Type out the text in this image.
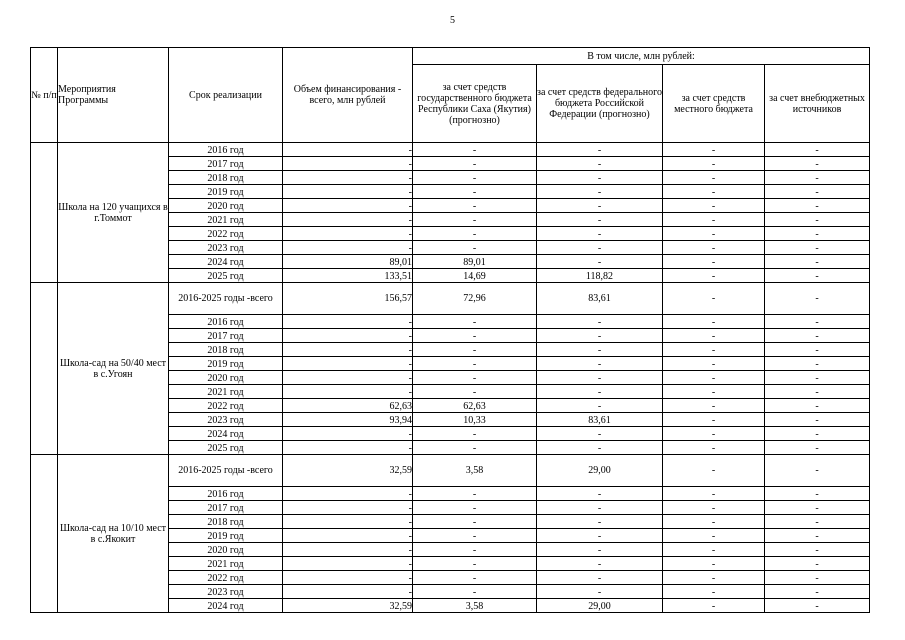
5
№ п/п	Мероприятия Программы	Срок реализации	Объем финансирования - всего, млн рублей	В том числе, млн рублей:			
				за счет средств государственного бюджета Республики Саха (Якутия) (прогнозно)	за счет средств федерального бюджета Российской Федерации (прогнозно)	за счет средств местного бюджета	за счет внебюджетных источников
	Школа на 120 учащихся в г.Томмот	2016 год	-	-	-	-	-
		2017 год	-	-	-	-	-
		2018 год	-	-	-	-	-
		2019 год	-	-	-	-	-
		2020 год	-	-	-	-	-
		2021 год	-	-	-	-	-
		2022 год	-	-	-	-	-
		2023 год	-	-	-	-	-
		2024 год	89,01	89,01	-	-	-
		2025 год	133,51	14,69	118,82	-	-
	Школа-сад на 50/40 мест в с.Угоян	2016-2025 годы -всего	156,57	72,96	83,61	-	-
		2016 год	-	-	-	-	-
		2017 год	-	-	-	-	-
		2018 год	-	-	-	-	-
		2019 год	-	-	-	-	-
		2020 год	-	-	-	-	-
		2021 год	-	-	-	-	-
		2022 год	62,63	62,63	-	-	-
		2023 год	93,94	10,33	83,61	-	-
		2024 год	-	-	-	-	-
		2025 год	-	-	-	-	-
	Школа-сад на 10/10 мест в с.Якокит	2016-2025 годы -всего	32,59	3,58	29,00	-	-
		2016 год	-	-	-	-	-
		2017 год	-	-	-	-	-
		2018 год	-	-	-	-	-
		2019 год	-	-	-	-	-
		2020 год	-	-	-	-	-
		2021 год	-	-	-	-	-
		2022 год	-	-	-	-	-
		2023 год	-	-	-	-	-
		2024 год	32,59	3,58	29,00	-	-
